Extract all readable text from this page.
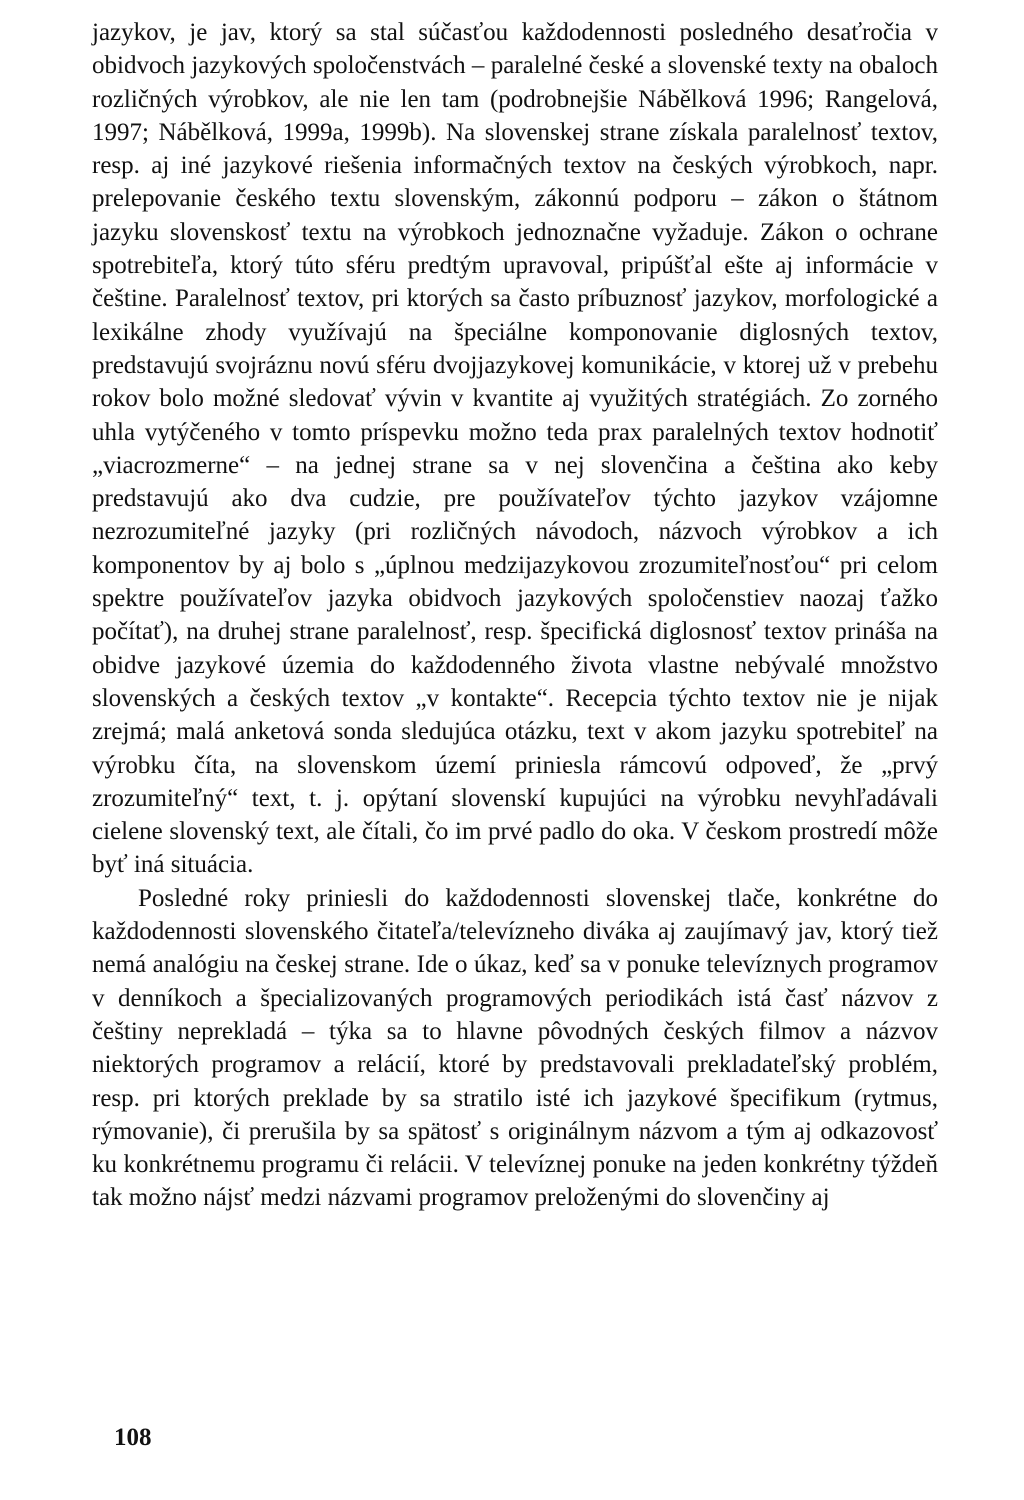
jazykov, je jav, ktorý sa stal súčasťou každodennosti posledného desaťročia v obidvoch jazykových spoločenstvách – paralelné české a slovenské texty na obaloch rozličných výrobkov, ale nie len tam (podrobnejšie Nábělková 1996; Rangelová, 1997; Nábělková, 1999a, 1999b). Na slovenskej strane získala paralelnosť textov, resp. aj iné jazykové riešenia informačných textov na českých výrobkoch, napr. prelepovanie českého textu slovenským, zákonnú podporu – zákon o štátnom jazyku slovenskosť textu na výrobkoch jednoznačne vyžaduje. Zákon o ochrane spotrebiteľa, ktorý túto sféru predtým upravoval, pripúšťal ešte aj informácie v češtine. Paralelnosť textov, pri ktorých sa často príbuznosť jazykov, morfologické a lexikálne zhody využívajú na špeciálne komponovanie diglosných textov, predstavujú svojráznu novú sféru dvojjazykovej komunikácie, v ktorej už v prebehu rokov bolo možné sledovať vývin v kvantite aj využitých stratégiách. Zo zorného uhla vytýčeného v tomto príspevku možno teda prax paralelných textov hodnotiť „viacrozmerne“ – na jednej strane sa v nej slovenčina a čeština ako keby predstavujú ako dva cudzie, pre používateľov týchto jazykov vzájomne nezrozumiteľné jazyky (pri rozličných návodoch, názvoch výrobkov a ich komponentov by aj bolo s „úplnou medzijazykovou zrozumiteľnosťou“ pri celom spektre používateľov jazyka obidvoch jazykových spoločenstiev naozaj ťažko počítať), na druhej strane paralelnosť, resp. špecifická diglosnosť textov prináša na obidve jazykové územia do každodenného života vlastne nebývalé množstvo slovenských a českých textov „v kontakte“. Recepcia týchto textov nie je nijak zrejmá; malá anketová sonda sledujúca otázku, text v akom jazyku spotrebiteľ na výrobku číta, na slovenskom území priniesla rámcovú odpoveď, že „prvý zrozumiteľný“ text, t. j. opýtaní slovenskí kupujúci na výrobku nevyhľadávali cielene slovenský text, ale čítali, čo im prvé padlo do oka. V českom prostredí môže byť iná situácia.

Posledné roky priniesli do každodennosti slovenskej tlače, konkrétne do každodennosti slovenského čitateľa/televízneho diváka aj zaujímavý jav, ktorý tiež nemá analógiu na českej strane. Ide o úkaz, keď sa v ponuke televíznych programov v denníkoch a špecializovaných programových periodikách istá časť názvov z češtiny neprekladá – týka sa to hlavne pôvodných českých filmov a názvov niektorých programov a relácií, ktoré by predstavovali prekladateľský problém, resp. pri ktorých preklade by sa stratilo isté ich jazykové špecifikum (rytmus, rýmovanie), či prerušila by sa spätosť s originálnym názvom a tým aj odkazovosť ku konkrétnemu programu či relácii. V televíznej ponuke na jeden konkrétny týždeň tak možno nájsť medzi názvami programov preloženými do slovenčiny aj

108
